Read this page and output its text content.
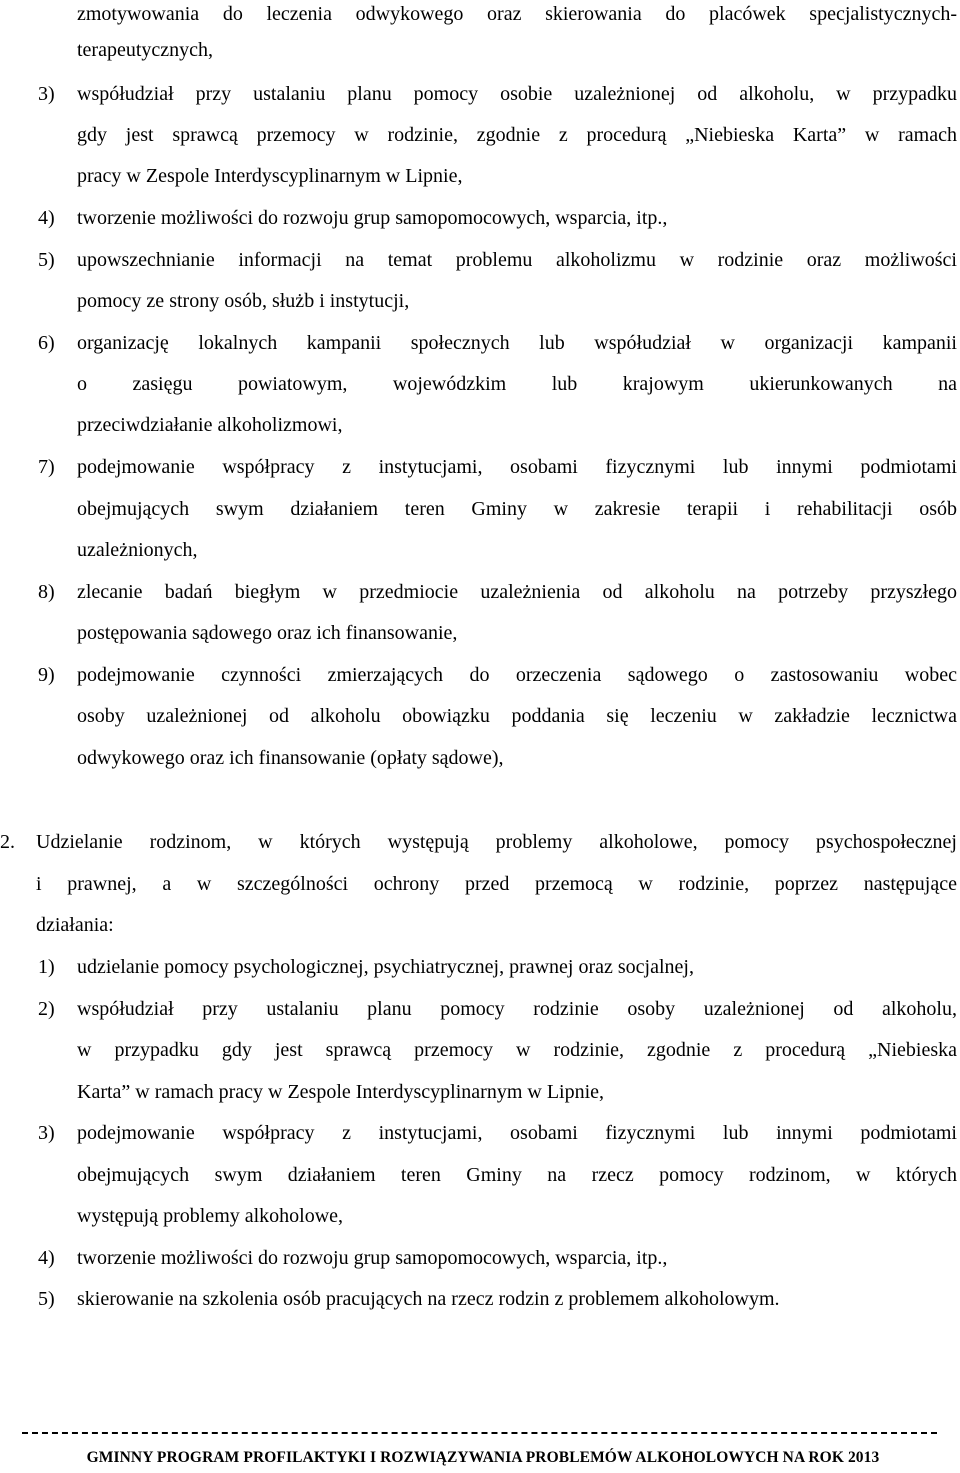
zmotywowania do leczenia odwykowego oraz skierowania do placówek specjalistycznych-
terapeutycznych,
3)	współudział przy ustalaniu planu pomocy osobie uzależnionej od alkoholu, w przypadku
gdy jest sprawcą przemocy w rodzinie, zgodnie z procedurą „Niebieska Karta” w ramach
pracy w Zespole Interdyscyplinarnym w Lipnie,
4)	tworzenie możliwości do rozwoju grup samopomocowych, wsparcia, itp.,
5)	upowszechnianie informacji na temat problemu alkoholizmu w rodzinie oraz możliwości
pomocy ze strony osób, służb i instytucji,
6)	organizację lokalnych kampanii społecznych lub współudział w organizacji kampanii
o zasięgu powiatowym, wojewódzkim lub krajowym ukierunkowanych na
przeciwdziałanie alkoholizmowi,
7)	podejmowanie współpracy z instytucjami, osobami fizycznymi lub innymi podmiotami
obejmujących swym działaniem teren Gminy w zakresie terapii i rehabilitacji osób
uzależnionych,
8)	zlecanie badań biegłym w przedmiocie uzależnienia od alkoholu na potrzeby przyszłego
postępowania sądowego oraz ich finansowanie,
9)	podejmowanie czynności zmierzających do orzeczenia sądowego o zastosowaniu wobec
osoby uzależnionej od alkoholu obowiązku poddania się leczeniu w zakładzie lecznictwa
odwykowego oraz ich finansowanie (opłaty sądowe),
2.	Udzielanie rodzinom, w których występują problemy alkoholowe, pomocy psychospołecznej
i prawnej, a w szczególności ochrony przed przemocą w rodzinie, poprzez następujące
działania:
1)	udzielanie pomocy psychologicznej, psychiatrycznej, prawnej oraz socjalnej,
2)	współudział przy ustalaniu planu pomocy rodzinie osoby uzależnionej od alkoholu,
w przypadku gdy jest sprawcą przemocy w rodzinie, zgodnie z procedurą „Niebieska
Karta” w ramach pracy w Zespole Interdyscyplinarnym w Lipnie,
3)	podejmowanie współpracy z instytucjami, osobami fizycznymi lub innymi podmiotami
obejmujących swym działaniem teren Gminy na rzecz pomocy rodzinom, w których
występują problemy alkoholowe,
4)	tworzenie możliwości do rozwoju grup samopomocowych, wsparcia, itp.,
5)	skierowanie na szkolenia osób pracujących na rzecz rodzin z problemem alkoholowym.
GMINNY PROGRAM PROFILAKTYKI I ROZWIĄZYWANIA PROBLEMÓW ALKOHOLOWYCH NA ROK 2013
